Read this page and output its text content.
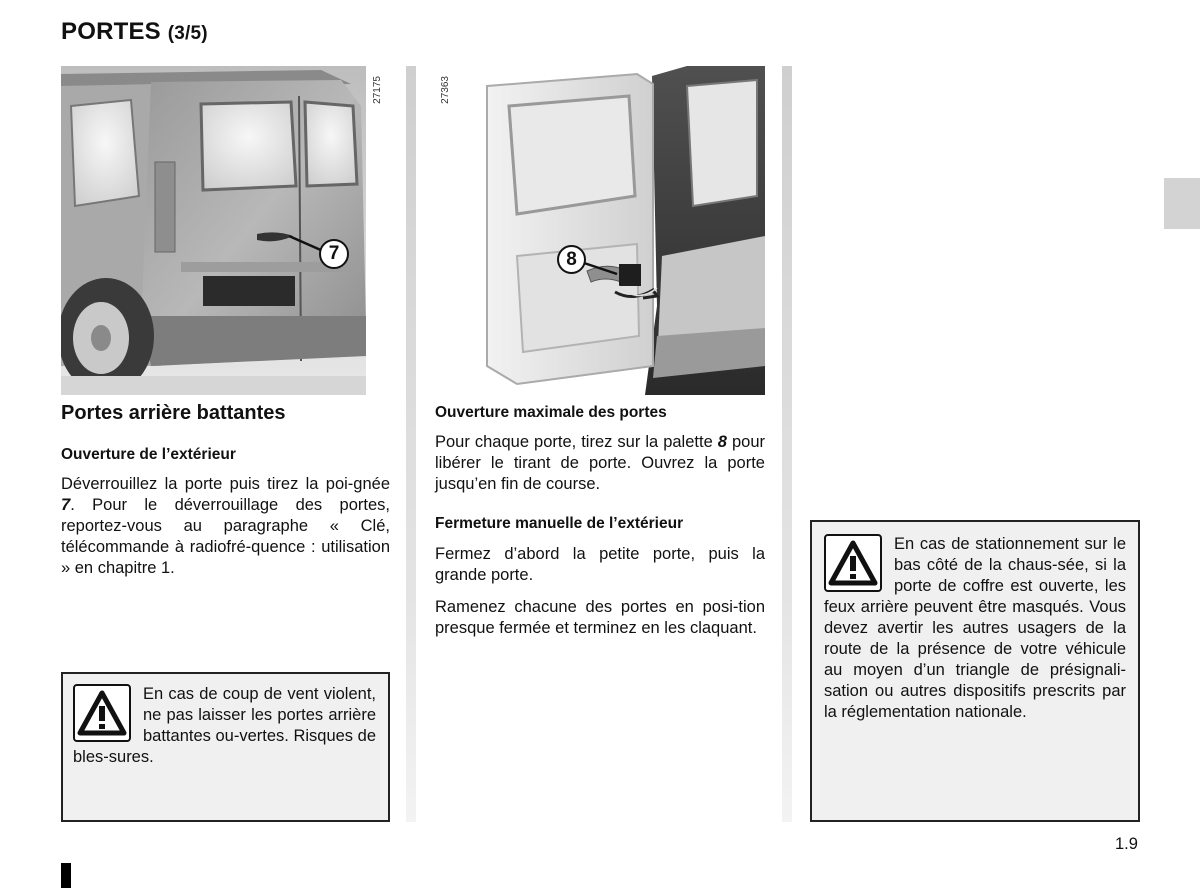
PORTES (3/5)
27175
7
27363
8
Portes arrière battantes
Ouverture de l’extérieur
Déverrouillez la porte puis tirez la poi-gnée 7. Pour le déverrouillage des portes, reportez-vous au paragraphe « Clé, télécommande à radiofré-quence : utilisation » en chapitre 1.
En cas de coup de vent violent, ne pas laisser les portes arrière battantes ou-vertes. Risques de bles-sures.
Ouverture maximale des portes
Pour chaque porte, tirez sur la palette 8 pour libérer le tirant de porte. Ouvrez la porte jusqu’en fin de course.
Fermeture manuelle de l’extérieur
Fermez d’abord la petite porte, puis la grande porte.
Ramenez chacune des portes en posi-tion presque fermée et terminez en les claquant.
En cas de stationnement sur le bas côté de la chaus-sée, si la porte de coffre est ouverte, les feux arrière peuvent être masqués. Vous devez avertir les autres usagers de la route de la présence de votre véhicule au moyen d’un triangle de présignali-sation ou autres dispositifs prescrits par la réglementation nationale.
1.9
